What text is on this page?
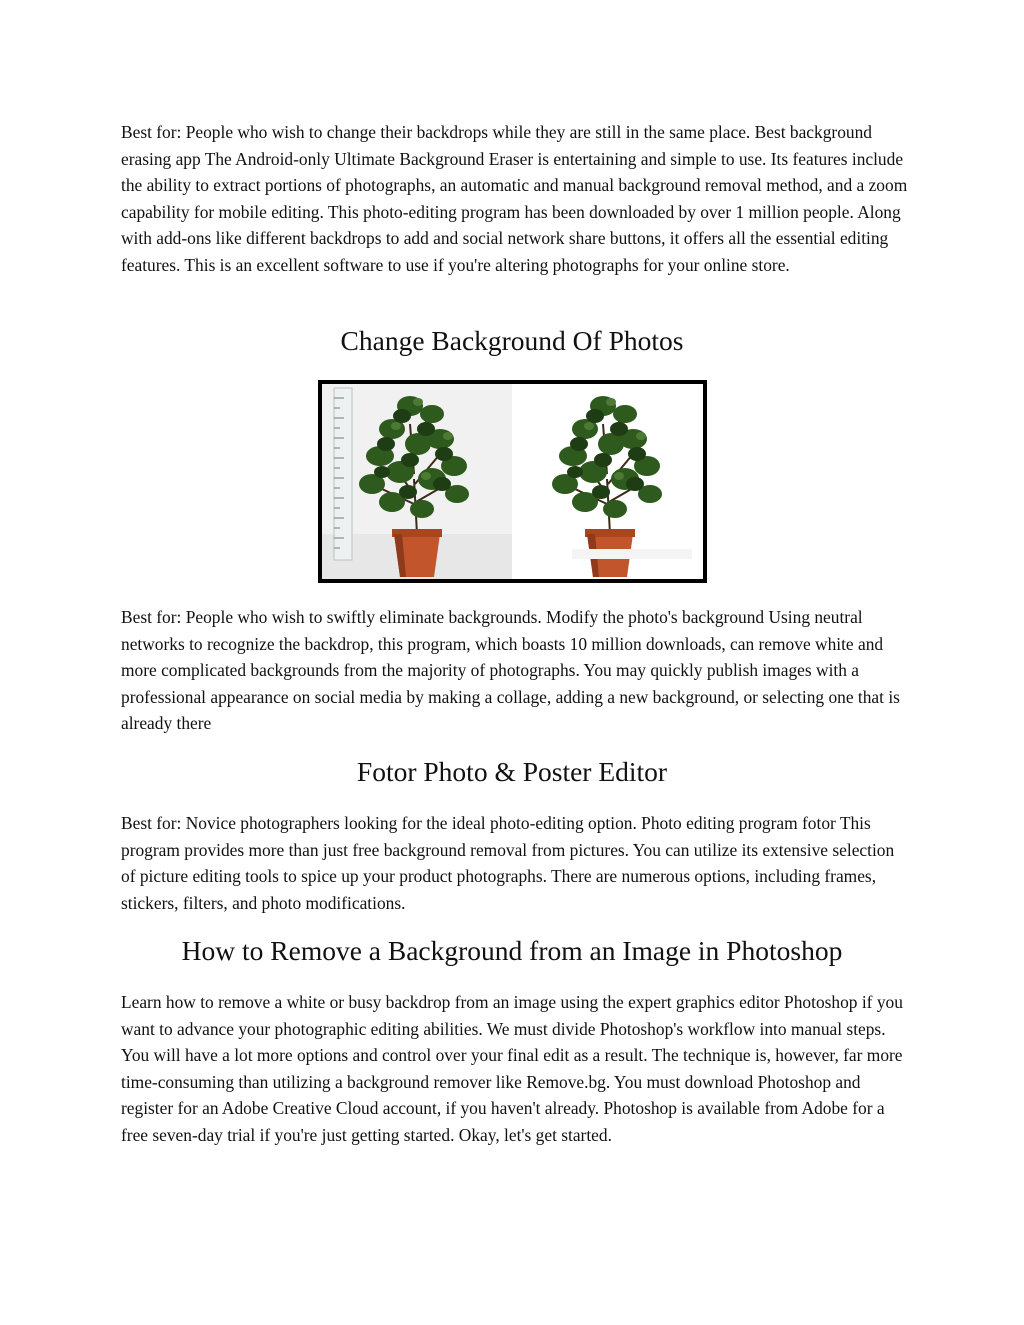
Best for: People who wish to change their backdrops while they are still in the same place. Best background erasing app The Android-only Ultimate Background Eraser is entertaining and simple to use. Its features include the ability to extract portions of photographs, an automatic and manual background removal method, and a zoom capability for mobile editing. This photo-editing program has been downloaded by over 1 million people. Along with add-ons like different backdrops to add and social network share buttons, it offers all the essential editing features. This is an excellent software to use if you're altering photographs for your online store.

Change Background Of Photos

Best for: People who wish to swiftly eliminate backgrounds. Modify the photo's background Using neutral networks to recognize the backdrop, this program, which boasts 10 million downloads, can remove white and more complicated backgrounds from the majority of photographs. You may quickly publish images with a professional appearance on social media by making a collage, adding a new background, or selecting one that is already there

Fotor Photo & Poster Editor

Best for: Novice photographers looking for the ideal photo-editing option. Photo editing program fotor This program provides more than just free background removal from pictures. You can utilize its extensive selection of picture editing tools to spice up your product photographs. There are numerous options, including frames, stickers, filters, and photo modifications.

How to Remove a Background from an Image in Photoshop

Learn how to remove a white or busy backdrop from an image using the expert graphics editor Photoshop if you want to advance your photographic editing abilities. We must divide Photoshop's workflow into manual steps. You will have a lot more options and control over your final edit as a result. The technique is, however, far more time-consuming than utilizing a background remover like Remove.bg. You must download Photoshop and register for an Adobe Creative Cloud account, if you haven't already. Photoshop is available from Adobe for a free seven-day trial if you're just getting started. Okay, let's get started.
